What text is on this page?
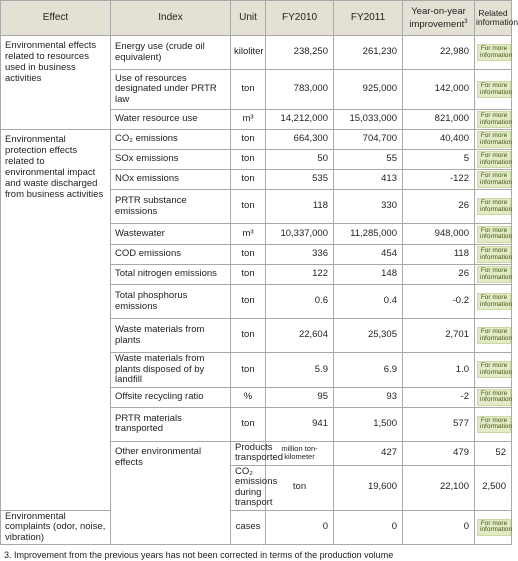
Effect	Index	Unit	FY2010	FY2011	Year-on-year improvement$^3$	Related information	
Environmental effects related to resources used in business activities	Energy use (crude oil equivalent)	kiloliter	238,250	261,230	22,980	For more information	
	Use of resources designated under PRTR law	ton	783,000	925,000	142,000	For more information	
	Water resource use	m³	14,212,000	15,033,000	821,000	For more information	
Environmental protection effects related to environmental impact and waste discharged from business activities	CO₂ emissions	ton	664,300	704,700	40,400	For more information	
	SOx emissions	ton	50	55	5	For more information	
	NOx emissions	ton	535	413	-122	For more information	
	PRTR substance emissions	ton	118	330	26	For more information	
	Wastewater	m³	10,337,000	11,285,000	948,000	For more information	
	COD emissions	ton	336	454	118	For more information	
	Total nitrogen emissions	ton	122	148	26	For more information	
	Total phosphorus emissions	ton	0.6	0.4	-0.2	For more information	
	Waste materials from plants	ton	22,604	25,305	2,701	For more information	
	Waste materials from plants disposed of by landfill	ton	5.9	6.9	1.0	For more information	
	Offsite recycling ratio	%	95	93	-2	For more information	
	PRTR materials transported	ton	941	1,500	577	For more information	
	Other environmental effects	Products transported	million ton-kilometer	427	479	52	
		CO₂ emissions during transport	ton	19,600	22,100	2,500	
Environmental complaints (odor, noise, vibration)		cases	0	0	0	For more information	
3. Improvement from the previous years has not been corrected in terms of the production volume
